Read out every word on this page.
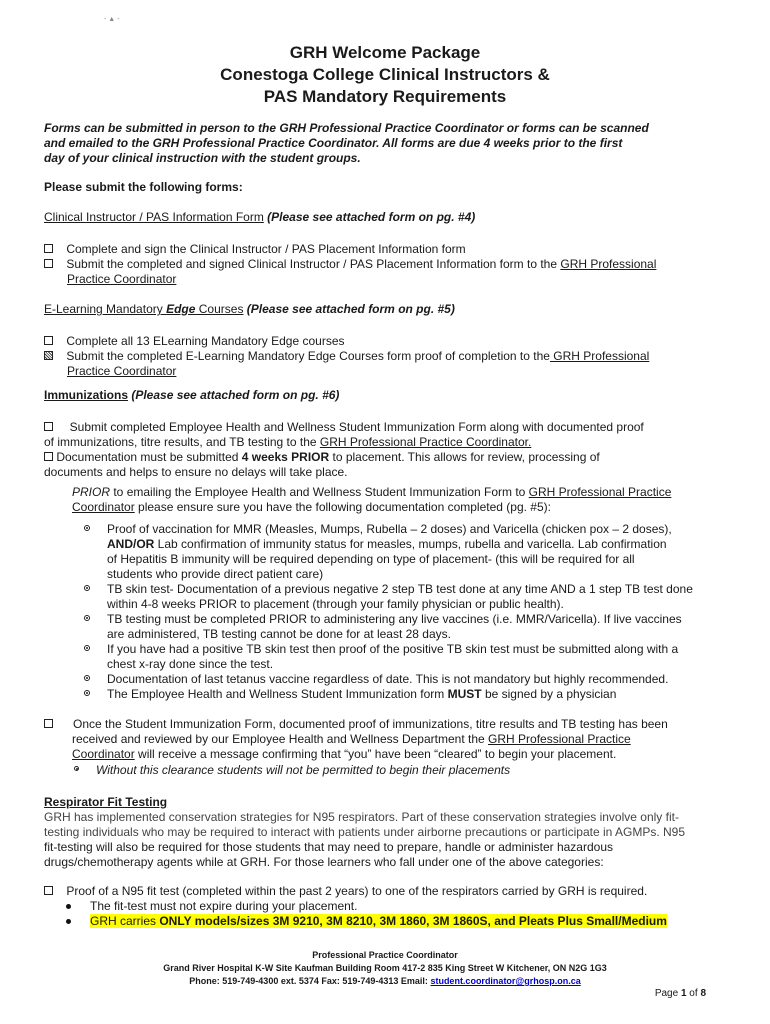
- ▲ -
GRH Welcome Package
Conestoga College Clinical Instructors &
PAS Mandatory Requirements
Forms can be submitted in person to the GRH Professional Practice Coordinator or forms can be scanned
and emailed to the GRH Professional Practice Coordinator. All forms are due 4 weeks prior to the first
day of your clinical instruction with the student groups.
Please submit the following forms:
Clinical Instructor / PAS Information Form (Please see attached form on pg. #4)
Complete and sign the Clinical Instructor / PAS Placement Information form
Submit the completed and signed Clinical Instructor / PAS Placement Information form to the GRH Professional
Practice Coordinator
E-Learning Mandatory Edge Courses (Please see attached form on pg. #5)
Complete all 13 ELearning Mandatory Edge courses
Submit the completed E-Learning Mandatory Edge Courses form proof of completion to the GRH Professional
Practice Coordinator
Immunizations (Please see attached form on pg. #6)
Submit completed Employee Health and Wellness Student Immunization Form along with documented proof
of immunizations, titre results, and TB testing to the GRH Professional Practice Coordinator.
Documentation must be submitted 4 weeks PRIOR to placement. This allows for review, processing of
documents and helps to ensure no delays will take place.
PRIOR to emailing the Employee Health and Wellness Student Immunization Form to GRH Professional Practice
Coordinator please ensure sure you have the following documentation completed (pg. #5):
Proof of vaccination for MMR (Measles, Mumps, Rubella – 2 doses) and Varicella (chicken pox – 2 doses),
AND/OR Lab confirmation of immunity status for measles, mumps, rubella and varicella. Lab confirmation
of Hepatitis B immunity will be required depending on type of placement- (this will be required for all
students who provide direct patient care)
TB skin test- Documentation of a previous negative 2 step TB test done at any time AND a 1 step TB test done
within 4-8 weeks PRIOR to placement (through your family physician or public health).
TB testing must be completed PRIOR to administering any live vaccines (i.e. MMR/Varicella). If live vaccines
are administered, TB testing cannot be done for at least 28 days.
If you have had a positive TB skin test then proof of the positive TB skin test must be submitted along with a
chest x-ray done since the test.
Documentation of last tetanus vaccine regardless of date. This is not mandatory but highly recommended.
The Employee Health and Wellness Student Immunization form MUST be signed by a physician
Once the Student Immunization Form, documented proof of immunizations, titre results and TB testing has been
received and reviewed by our Employee Health and Wellness Department the GRH Professional Practice
Coordinator will receive a message confirming that “you” have been “cleared” to begin your placement.
Without this clearance students will not be permitted to begin their placements
Respirator Fit Testing
GRH has implemented conservation strategies for N95 respirators. Part of these conservation strategies involve only fit-
testing individuals who may be required to interact with patients under airborne precautions or participate in AGMPs. N95
fit-testing will also be required for those students that may need to prepare, handle or administer hazardous
drugs/chemotherapy agents while at GRH. For those learners who fall under one of the above categories:
Proof of a N95 fit test (completed within the past 2 years) to one of the respirators carried by GRH is required.
The fit-test must not expire during your placement.
GRH carries ONLY models/sizes 3M 9210, 3M 8210, 3M 1860, 3M 1860S, and Pleats Plus Small/Medium
Professional Practice Coordinator
Grand River Hospital K-W Site Kaufman Building Room 417-2 835 King Street W Kitchener, ON N2G 1G3
Phone: 519-749-4300 ext. 5374 Fax: 519-749-4313 Email: student.coordinator@grhosp.on.ca
Page 1 of 8
